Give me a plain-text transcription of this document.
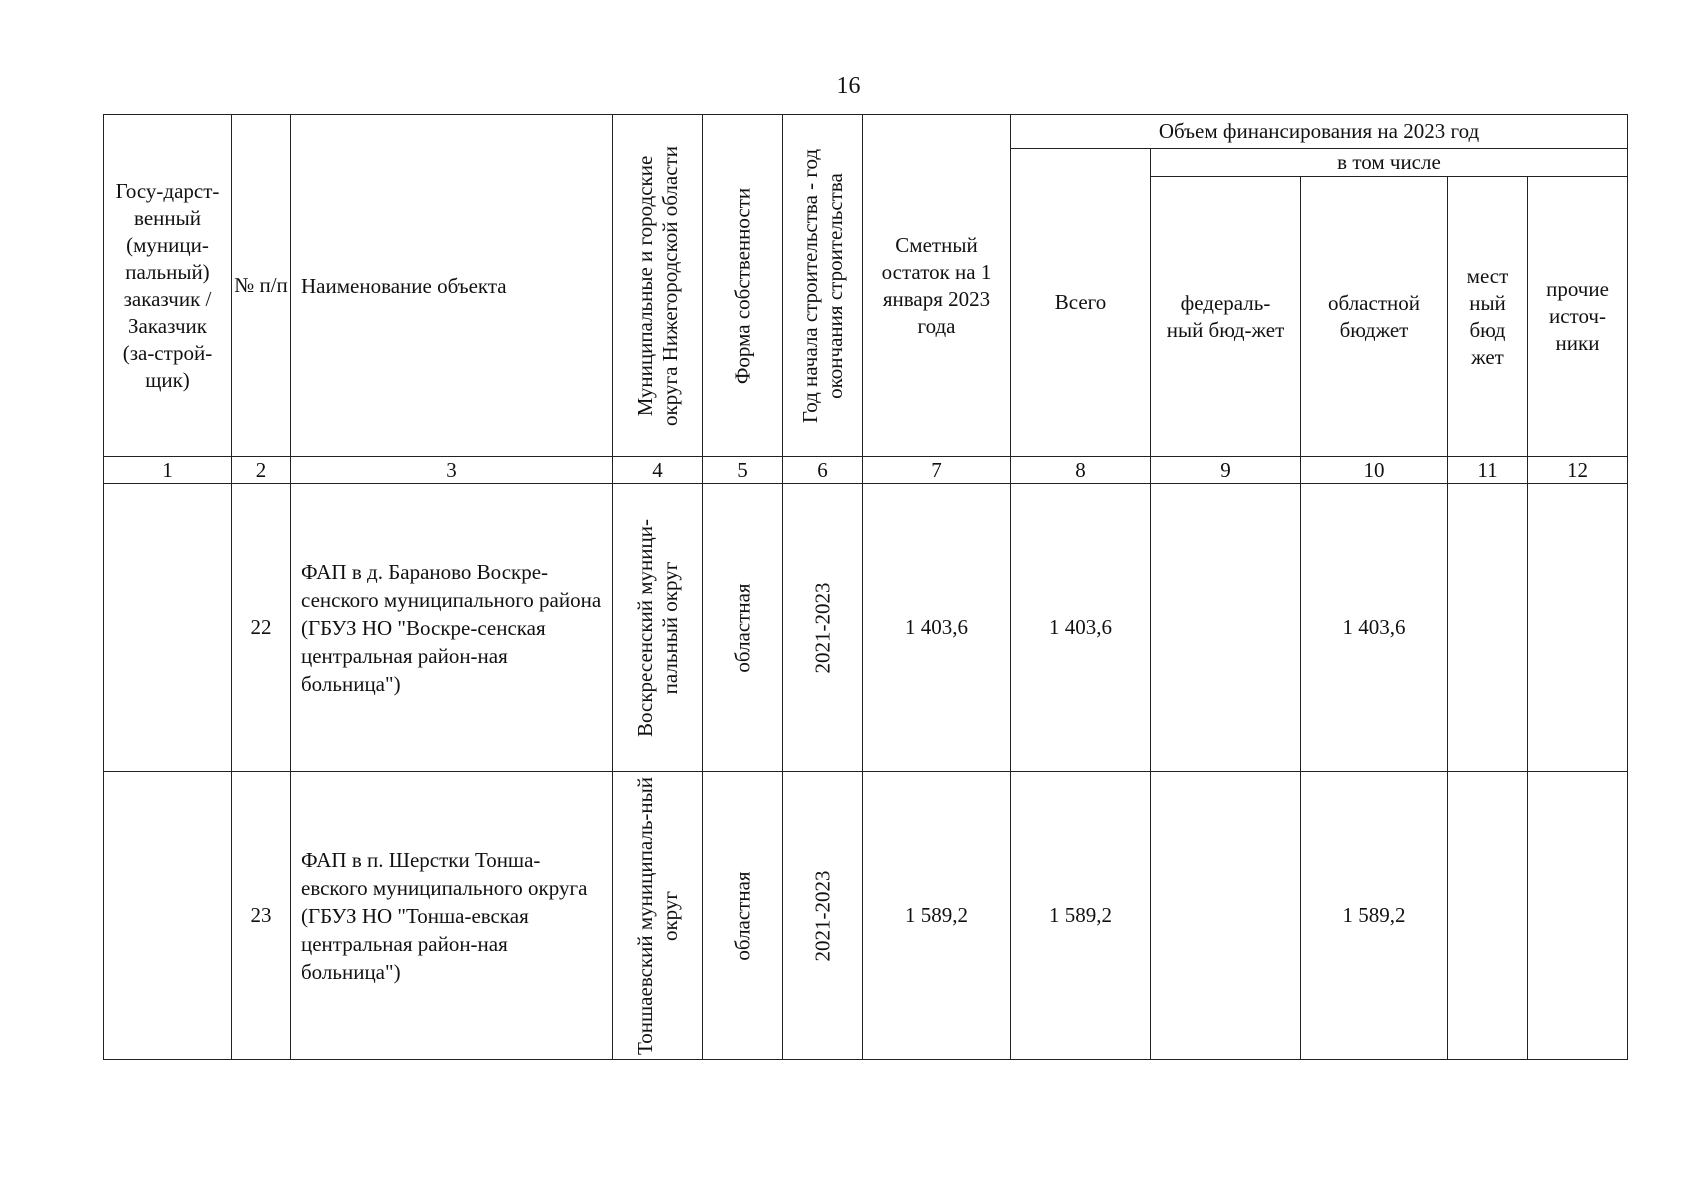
16
Госу-дарст-венный (муници-пальный) заказчик / Заказчик (за-строй-щик)	№ п/п	Наименование объекта	Муниципальные и городские округа Нижегородской области	Форма собственности	Год начала строительства - год окончания строительства	Сметный остаток на 1 января 2023 года	Объем финансирования на 2023 год				
							Всего	в том числе			
								федераль-ный бюд-жет	областной бюджет	мест ный бюд жет	прочие источ-ники
1	2	3	4	5	6	7	8	9	10	11	12
	22	ФАП в д. Бараново Воскре-сенского муниципального района (ГБУЗ НО "Воскре-сенская центральная район-ная больница")	Воскресенский муници-пальный округ	областная	2021-2023	1 403,6	1 403,6		1 403,6		
	23	ФАП в п. Шерстки Тонша-евского муниципального округа (ГБУЗ НО "Тонша-евская центральная район-ная больница")	Тоншаевский муниципаль-ный округ	областная	2021-2023	1 589,2	1 589,2		1 589,2		
